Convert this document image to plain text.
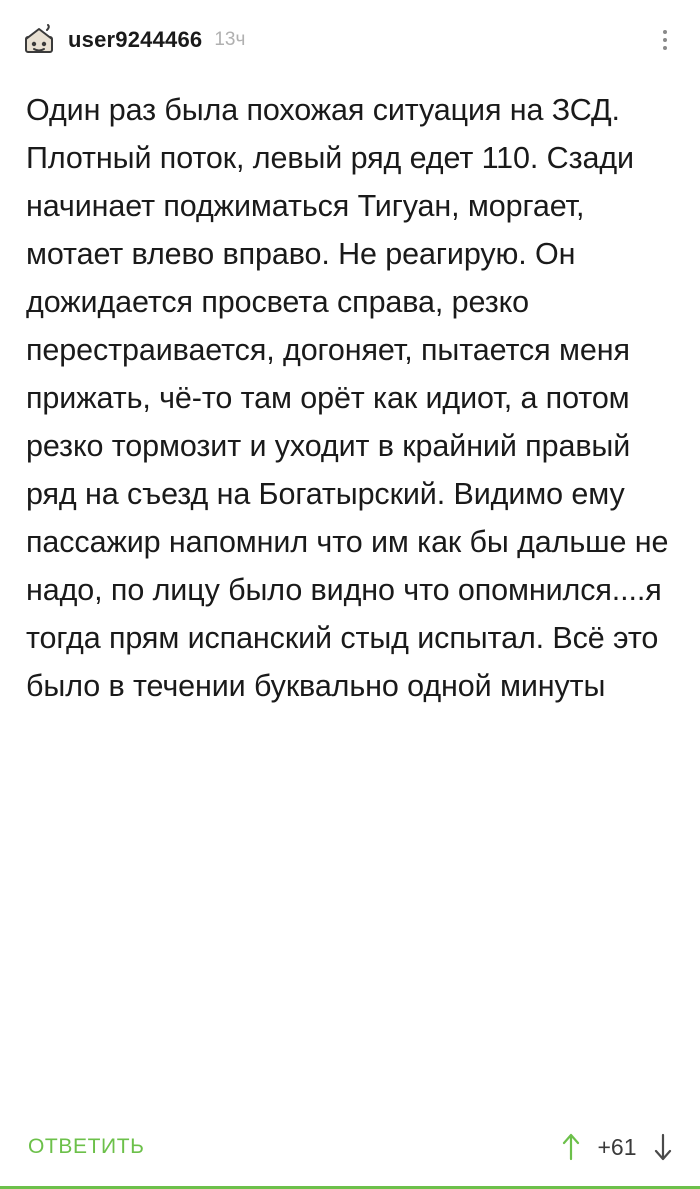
user9244466 13ч
Один раз была похожая ситуация на ЗСД. Плотный поток, левый ряд едет 110. Сзади начинает поджиматься Тигуан, моргает, мотает влево вправо. Не реагирую. Он дожидается просвета справа, резко перестраивается, догоняет, пытается меня прижать, чё-то там орёт как идиот, а потом резко тормозит и уходит в крайний правый ряд на съезд на Богатырский. Видимо ему пассажир напомнил что им как бы дальше не надо, по лицу было видно что опомнился....я тогда прям испанский стыд испытал. Всё это было в течении буквально одной минуты
ОТВЕТИТЬ	+61
